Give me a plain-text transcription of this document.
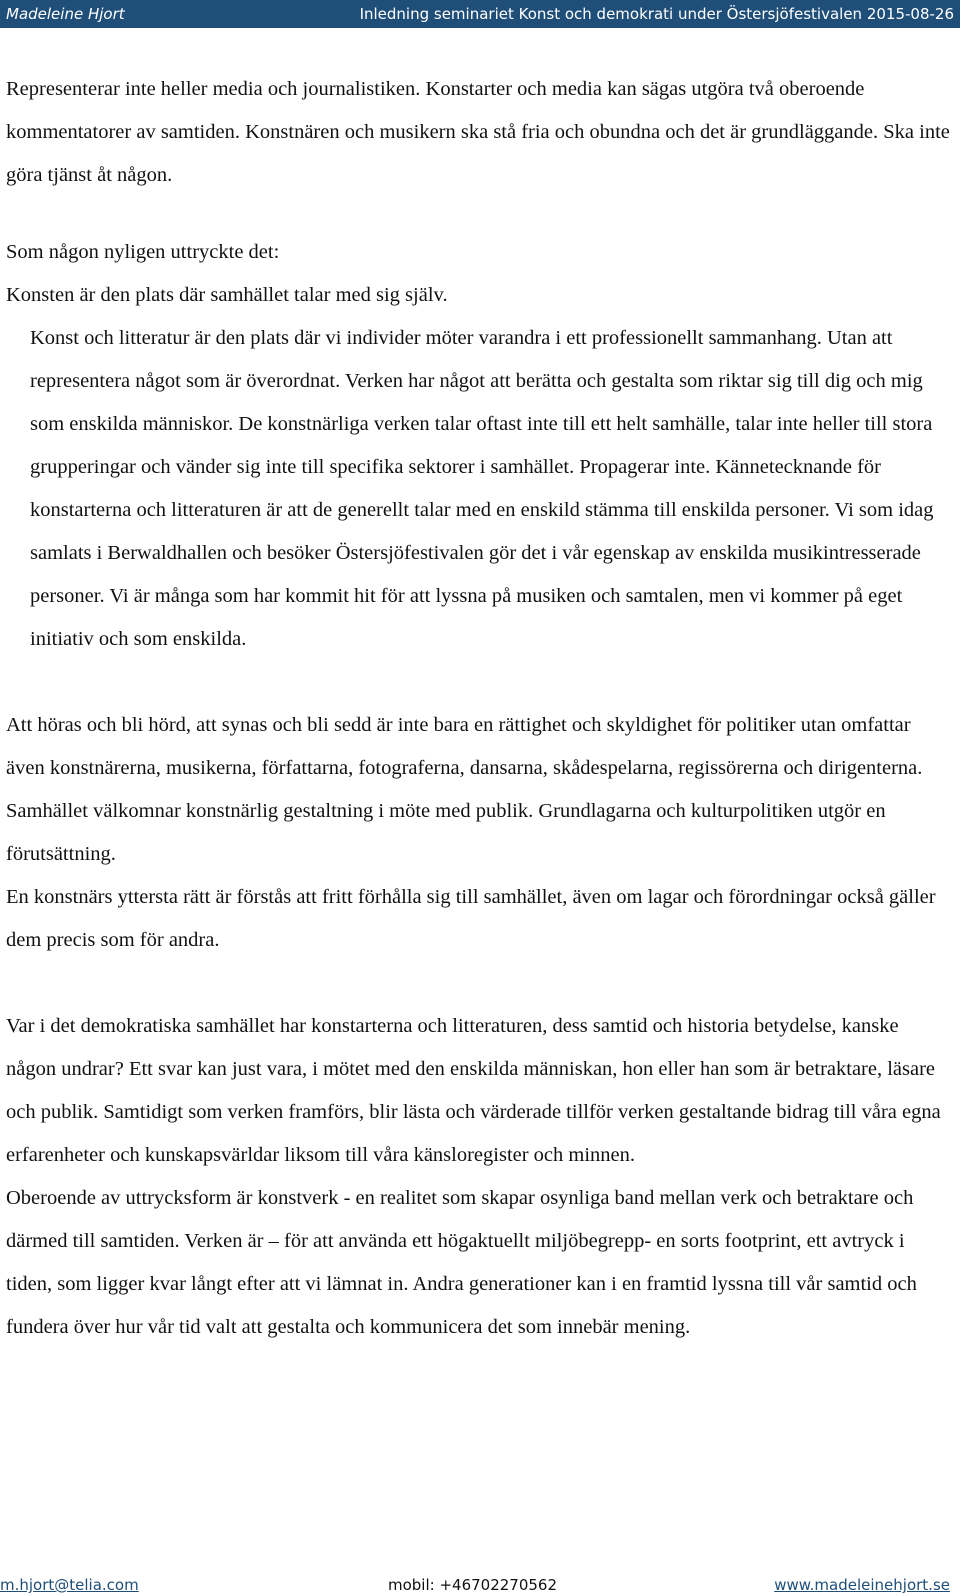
Madeleine Hjort	Inledning seminariet Konst och demokrati under Östersjöfestivalen 2015-08-26

Representerar inte heller media och journalistiken. Konstarter och media kan sägas utgöra två oberoende kommentatorer av samtiden. Konstnären och musikern ska stå fria och obundna och det är grundläggande. Ska inte göra tjänst åt någon.

Som någon nyligen uttryckte det:

Konsten är den plats där samhället talar med sig själv.

Konst och litteratur är den plats där vi individer möter varandra i ett professionellt sammanhang. Utan att representera något som är överordnat. Verken har något att berätta och gestalta som riktar sig till dig och mig som enskilda människor. De konstnärliga verken talar oftast inte till ett helt samhälle, talar inte heller till stora grupperingar och vänder sig inte till specifika sektorer i samhället. Propagerar inte. Kännetecknande för konstarterna och litteraturen är att de generellt talar med en enskild stämma till enskilda personer. Vi som idag samlats i Berwaldhallen och besöker Östersjöfestivalen gör det i vår egenskap av enskilda musikintresserade personer. Vi är många som har kommit hit för att lyssna på musiken och samtalen, men vi kommer på eget initiativ och som enskilda.

Att höras och bli hörd, att synas och bli sedd är inte bara en rättighet och skyldighet för politiker utan omfattar även konstnärerna, musikerna, författarna, fotograferna, dansarna, skådespelarna, regissörerna och dirigenterna. Samhället välkomnar konstnärlig gestaltning i möte med publik. Grundlagarna och kulturpolitiken utgör en förutsättning.

En konstnärs yttersta rätt är förstås att fritt förhålla sig till samhället, även om lagar och förordningar också gäller dem precis som för andra.

Var i det demokratiska samhället har konstarterna och litteraturen, dess samtid och historia betydelse, kanske någon undrar? Ett svar kan just vara, i mötet med den enskilda människan, hon eller han som är betraktare, läsare och publik. Samtidigt som verken framförs, blir lästa och värderade tillför verken gestaltande bidrag till våra egna erfarenheter och kunskapsvärldar liksom till våra känsloregister och minnen.

Oberoende av uttrycksform är konstverk - en realitet som skapar osynliga band mellan verk och betraktare och därmed till samtiden. Verken är – för att använda ett högaktuellt miljöbegrepp- en sorts footprint, ett avtryck i tiden, som ligger kvar långt efter att vi lämnat in. Andra generationer kan i en framtid lyssna till vår samtid och fundera över hur vår tid valt att gestalta och kommunicera det som innebär mening.

m.hjort@telia.com	mobil: +46702270562	www.madeleinehjort.se
